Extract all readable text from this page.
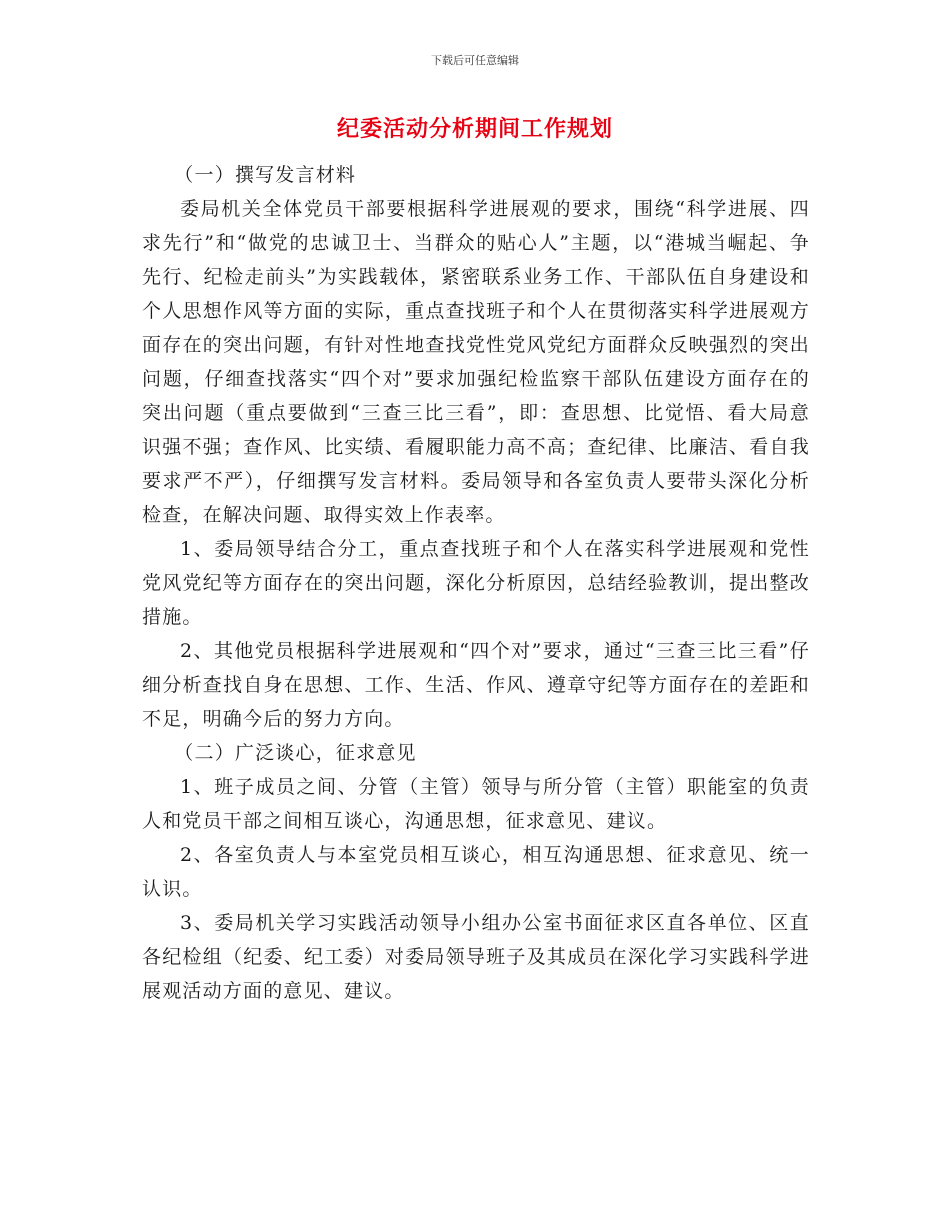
下载后可任意编辑
纪委活动分析期间工作规划

（一）撰写发言材料

委局机关全体党员干部要根据科学进展观的要求，围绕“科学进展、四求先行”和“做党的忠诚卫士、当群众的贴心人”主题，以“港城当崛起、争先行、纪检走前头”为实践载体，紧密联系业务工作、干部队伍自身建设和个人思想作风等方面的实际，重点查找班子和个人在贯彻落实科学进展观方面存在的突出问题，有针对性地查找党性党风党纪方面群众反映强烈的突出问题，仔细查找落实“四个对”要求加强纪检监察干部队伍建设方面存在的突出问题（重点要做到“三查三比三看”，即：查思想、比觉悟、看大局意识强不强；查作风、比实绩、看履职能力高不高；查纪律、比廉洁、看自我要求严不严），仔细撰写发言材料。委局领导和各室负责人要带头深化分析检查，在解决问题、取得实效上作表率。

1、委局领导结合分工，重点查找班子和个人在落实科学进展观和党性党风党纪等方面存在的突出问题，深化分析原因，总结经验教训，提出整改措施。

2、其他党员根据科学进展观和“四个对”要求，通过“三查三比三看”仔细分析查找自身在思想、工作、生活、作风、遵章守纪等方面存在的差距和不足，明确今后的努力方向。

（二）广泛谈心，征求意见

1、班子成员之间、分管（主管）领导与所分管（主管）职能室的负责人和党员干部之间相互谈心，沟通思想，征求意见、建议。

2、各室负责人与本室党员相互谈心，相互沟通思想、征求意见、统一认识。

3、委局机关学习实践活动领导小组办公室书面征求区直各单位、区直各纪检组（纪委、纪工委）对委局领导班子及其成员在深化学习实践科学进展观活动方面的意见、建议。
